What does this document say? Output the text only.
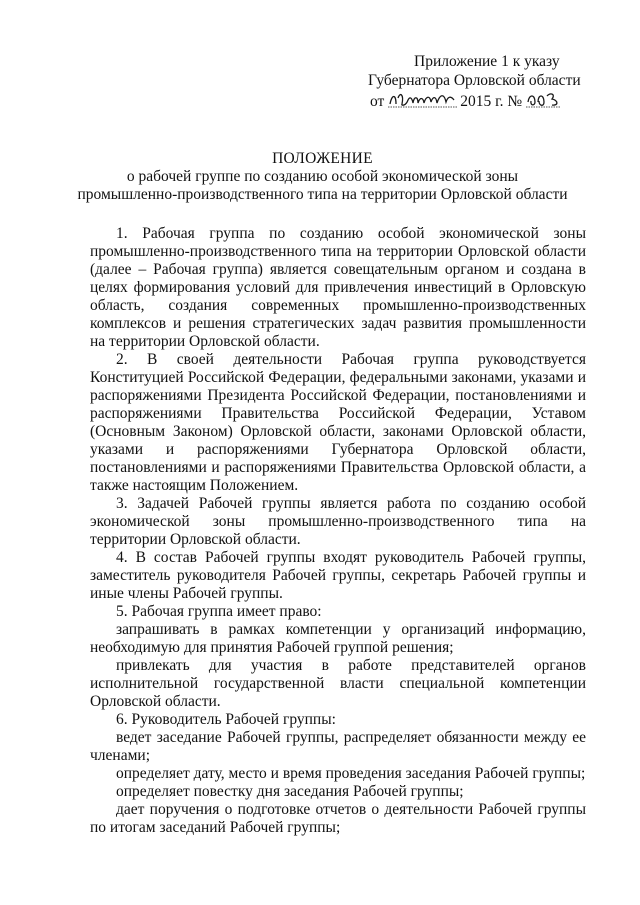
Приложение 1 к указу
Губернатора Орловской области
от	2015 г. №
ПОЛОЖЕНИЕ
о рабочей группе по созданию особой экономической зоны
промышленно-производственного типа на территории Орловской области

1. Рабочая группа по созданию особой экономической зоны промышленно-производственного типа на территории Орловской области (далее – Рабочая группа) является совещательным органом и создана в целях формирования условий для привлечения инвестиций в Орловскую область, создания современных промышленно-производственных комплексов и решения стратегических задач развития промышленности на территории Орловской области.

2. В своей деятельности Рабочая группа руководствуется Конституцией Российской Федерации, федеральными законами, указами и распоряжениями Президента Российской Федерации, постановлениями и распоряжениями Правительства Российской Федерации, Уставом (Основным Законом) Орловской области, законами Орловской области, указами и распоряжениями Губернатора Орловской области, постановлениями и распоряжениями Правительства Орловской области, а также настоящим Положением.

3. Задачей Рабочей группы является работа по созданию особой экономической зоны промышленно-производственного типа на территории Орловской области.

4. В состав Рабочей группы входят руководитель Рабочей группы, заместитель руководителя Рабочей группы, секретарь Рабочей группы и иные члены Рабочей группы.

5. Рабочая группа имеет право:

запрашивать в рамках компетенции у организаций информацию, необходимую для принятия Рабочей группой решения;

привлекать для участия в работе представителей органов исполнительной государственной власти специальной компетенции Орловской области.

6. Руководитель Рабочей группы:

ведет заседание Рабочей группы, распределяет обязанности между ее членами;

определяет дату, место и время проведения заседания Рабочей группы;

определяет повестку дня заседания Рабочей группы;

дает поручения о подготовке отчетов о деятельности Рабочей группы по итогам заседаний Рабочей группы;
